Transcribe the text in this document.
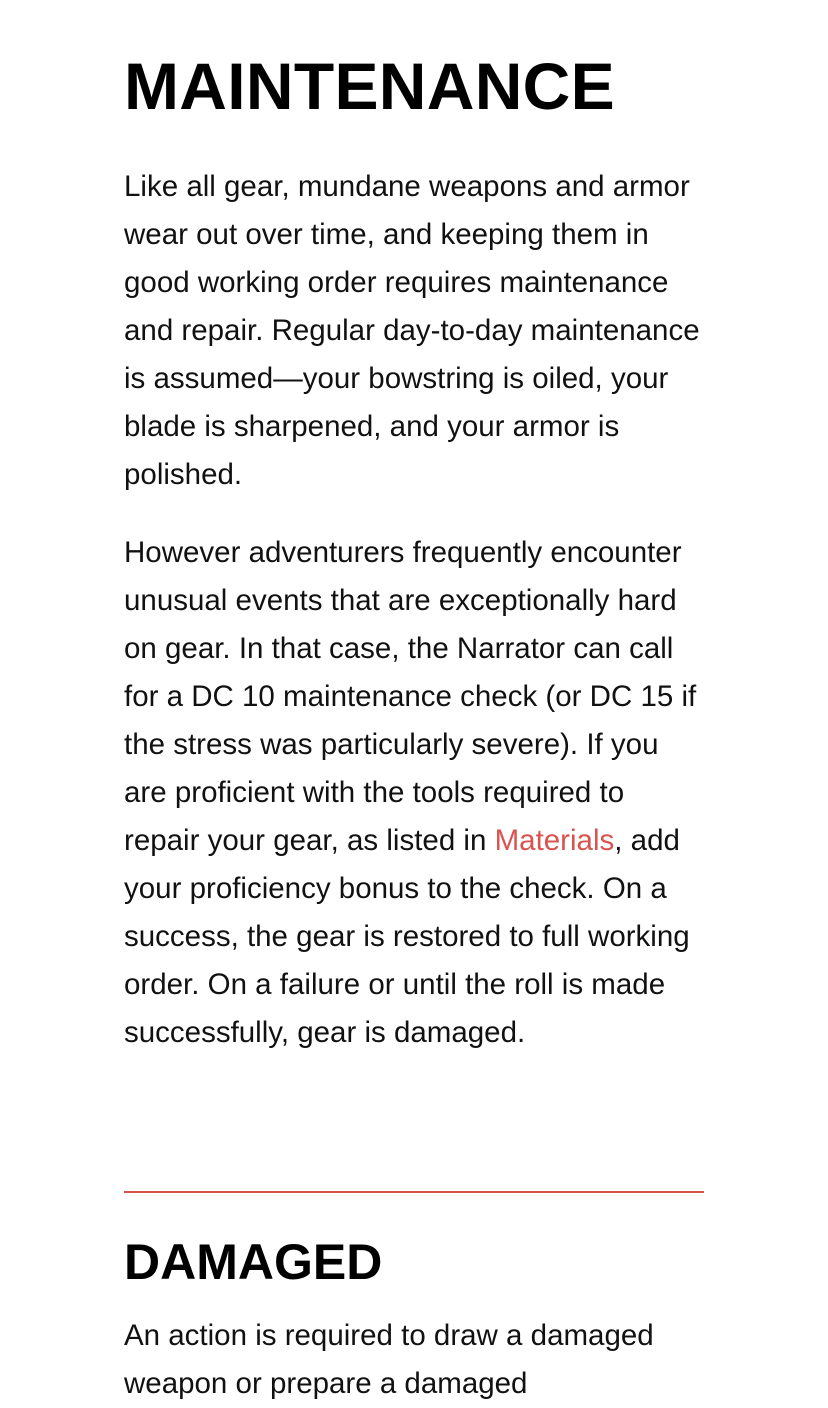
MAINTENANCE

Like all gear, mundane weapons and armor wear out over time, and keeping them in good working order requires maintenance and repair. Regular day-to-day maintenance is assumed—your bowstring is oiled, your blade is sharpened, and your armor is polished.

However adventurers frequently encounter unusual events that are exceptionally hard on gear. In that case, the Narrator can call for a DC 10 maintenance check (or DC 15 if the stress was particularly severe). If you are proficient with the tools required to repair your gear, as listed in Materials, add your proficiency bonus to the check. On a success, the gear is restored to full working order. On a failure or until the roll is made successfully, gear is damaged.

DAMAGED

An action is required to draw a damaged weapon or prepare a damaged
